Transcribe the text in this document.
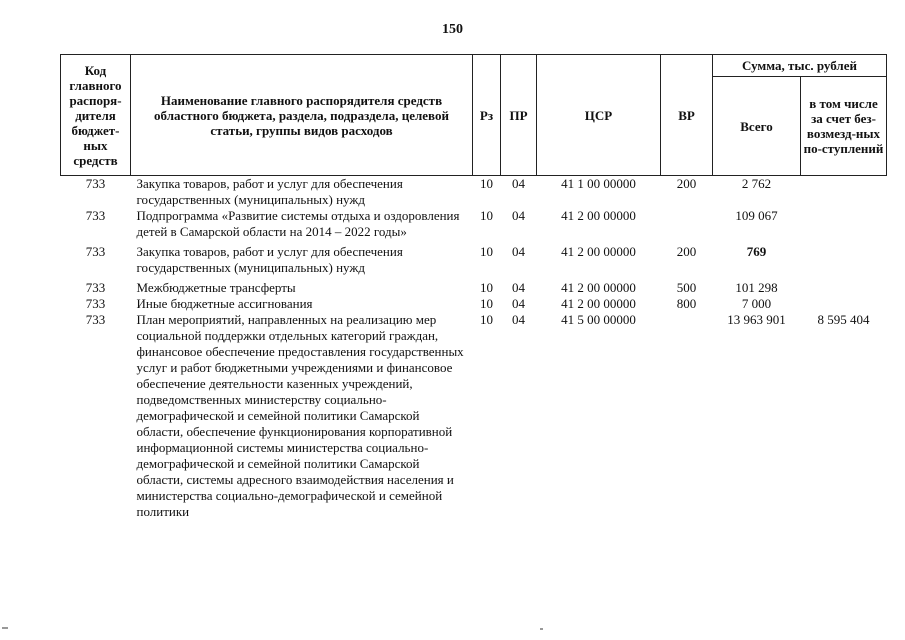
150
Код главного распоря-дителя бюджет-ных средств	Наименование главного распорядителя средств областного бюджета, раздела, подраздела, целевой статьи, группы видов расходов	Рз	ПР	ЦСР	ВР	Сумма, тыс. рублей	
						Всего	в том числе за счет без-возмезд-ных по-ступлений
733	Закупка товаров, работ и услуг для обеспечения государственных (муниципальных) нужд	10	04	41 1 00 00000	200	2 762	
733	Подпрограмма «Развитие системы отдыха и оздоровления детей в Самарской области на 2014 – 2022 годы»	10	04	41 2 00 00000		109 067	
733	Закупка товаров, работ и услуг для обеспечения государственных (муниципальных) нужд	10	04	41 2 00 00000	200	769	
733	Межбюджетные трансферты	10	04	41 2 00 00000	500	101 298	
733	Иные бюджетные ассигнования	10	04	41 2 00 00000	800	7 000	
733	План мероприятий, направленных на реализацию мер социальной поддержки отдельных категорий граждан, финансовое обеспечение предоставления государственных услуг и работ бюджетными учреждениями и финансовое обеспечение деятельности казенных учреждений, подведомственных министерству социально-демографической и семейной политики Самарской области, обеспечение функционирования корпоративной информационной системы министерства социально-демографической и семейной политики Самарской области, системы адресного взаимодействия населения и министерства социально-демографической и семейной политики	10	04	41 5 00 00000		13 963 901	8 595 404
